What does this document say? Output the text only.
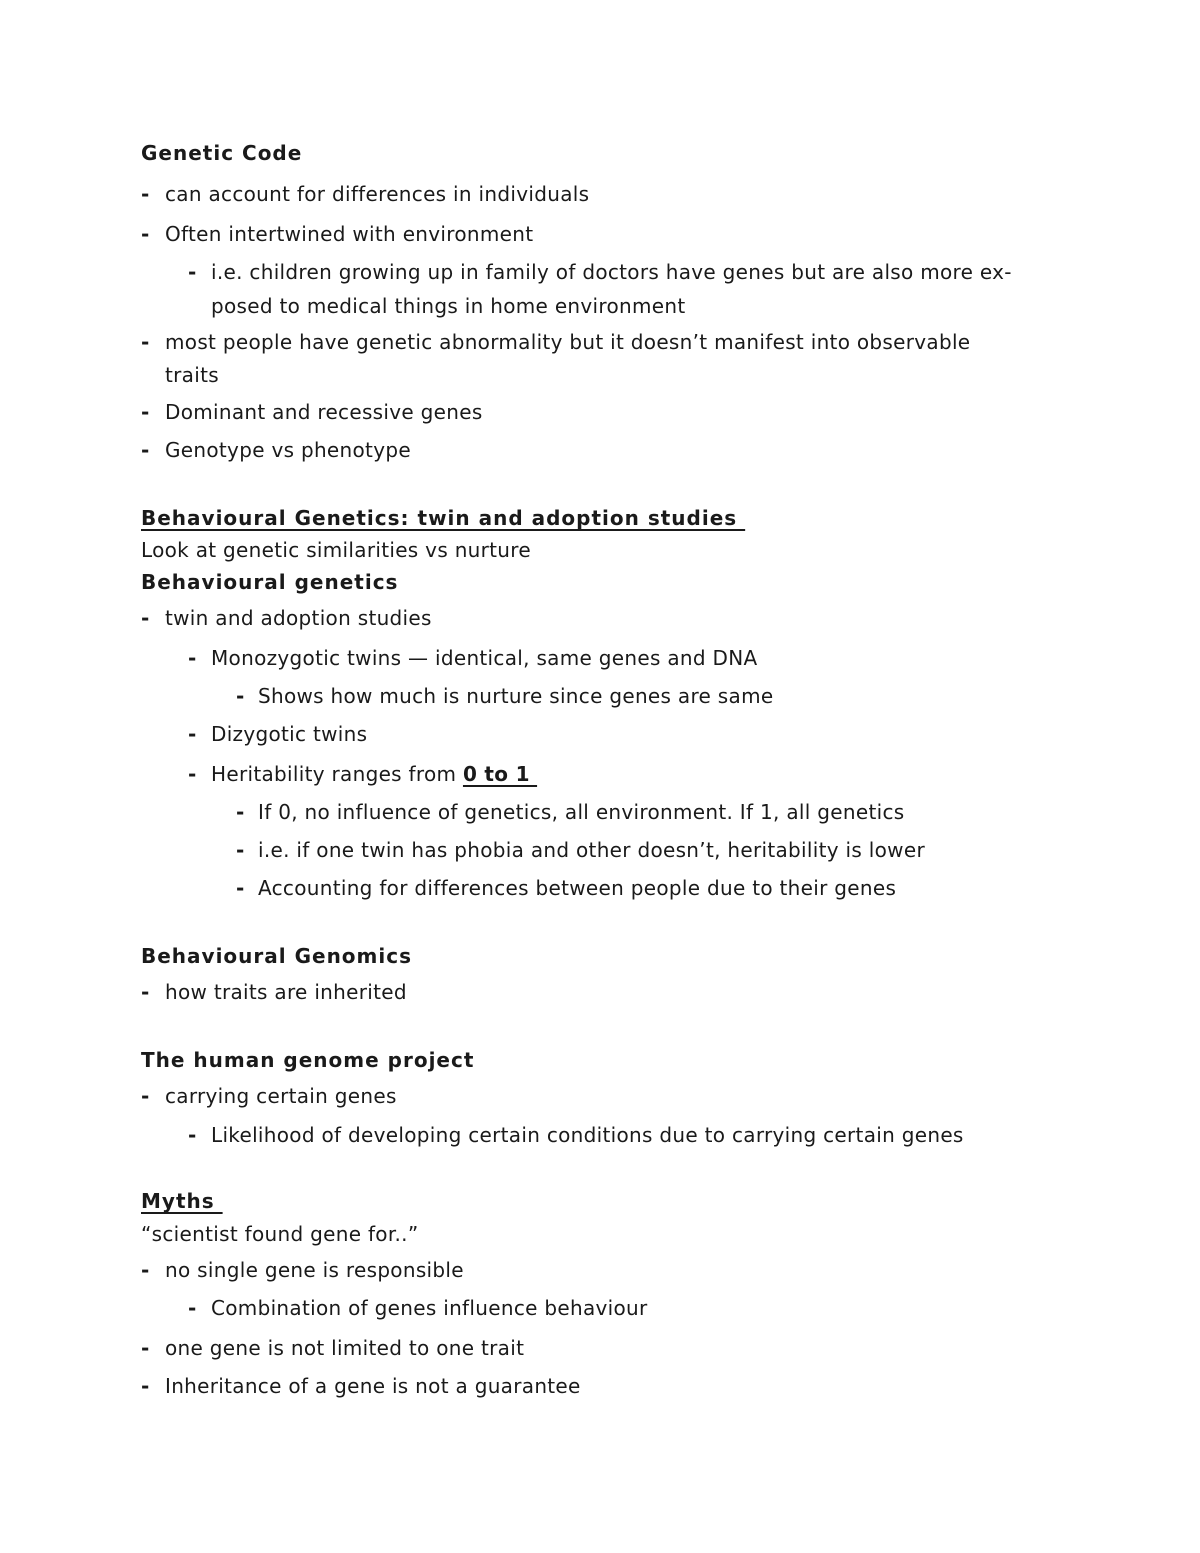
Genetic Code
- can account for differences in individuals
- Often intertwined with environment
- i.e. children growing up in family of doctors have genes but are also more ex-
posed to medical things in home environment
- most people have genetic abnormality but it doesn’t manifest into observable
traits
- Dominant and recessive genes
- Genotype vs phenotype
Behavioural Genetics: twin and adoption studies
Look at genetic similarities vs nurture
Behavioural genetics
- twin and adoption studies
- Monozygotic twins — identical, same genes and DNA
- Shows how much is nurture since genes are same
- Dizygotic twins
- Heritability ranges from 0 to 1
- If 0, no influence of genetics, all environment. If 1, all genetics
- i.e. if one twin has phobia and other doesn’t, heritability is lower
- Accounting for differences between people due to their genes
Behavioural Genomics
- how traits are inherited
The human genome project
- carrying certain genes
- Likelihood of developing certain conditions due to carrying certain genes
Myths
“scientist found gene for..”
- no single gene is responsible
- Combination of genes influence behaviour
- one gene is not limited to one trait
- Inheritance of a gene is not a guarantee
